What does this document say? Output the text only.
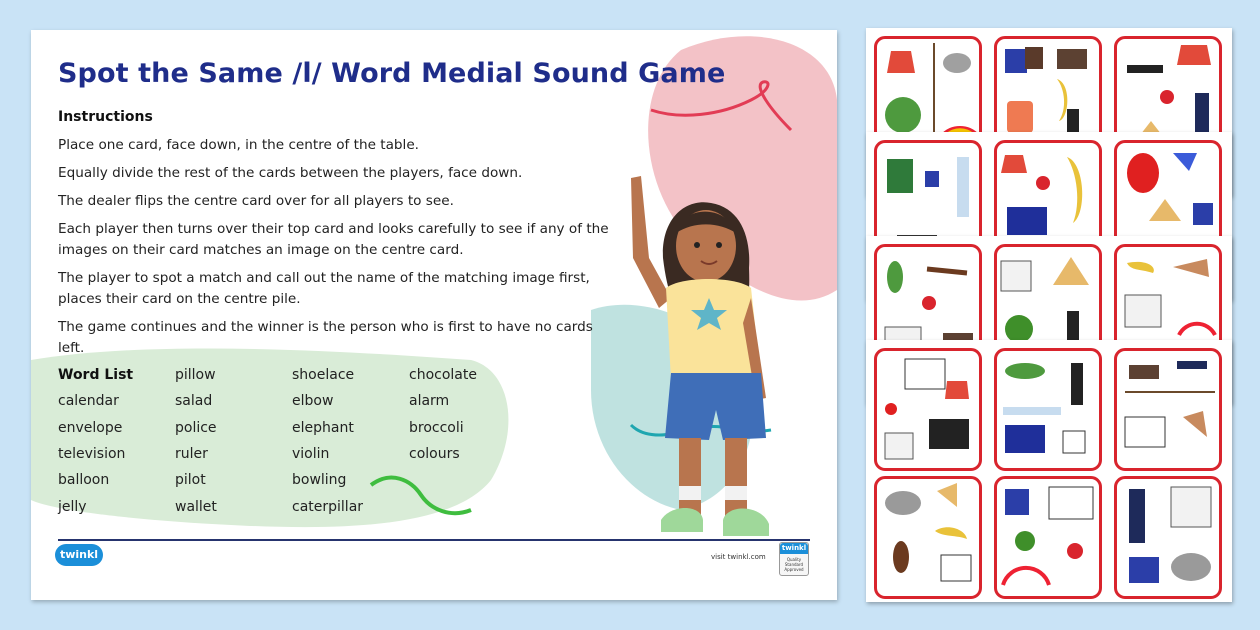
Spot the Same /l/ Word Medial Sound Game
Instructions
Place one card, face down, in the centre of the table.
Equally divide the rest of the cards between the players, face down.
The dealer flips the centre card over for all players to see.
Each player then turns over their top card and looks carefully to see if any of the images on their card matches an image on the centre card.
The player to spot a match and call out the name of the matching image first, places their card on the centre pile.
The game continues and the winner is the person who is first to have no cards left.
Word List
calendar
envelope
television
balloon
jelly
pillow
salad
police
ruler
pilot
wallet
shoelace
elbow
elephant
violin
bowling
caterpillar
chocolate
alarm
broccoli
colours
twinkl	visit twinkl.com
twinkl
Quality Standard Approved
